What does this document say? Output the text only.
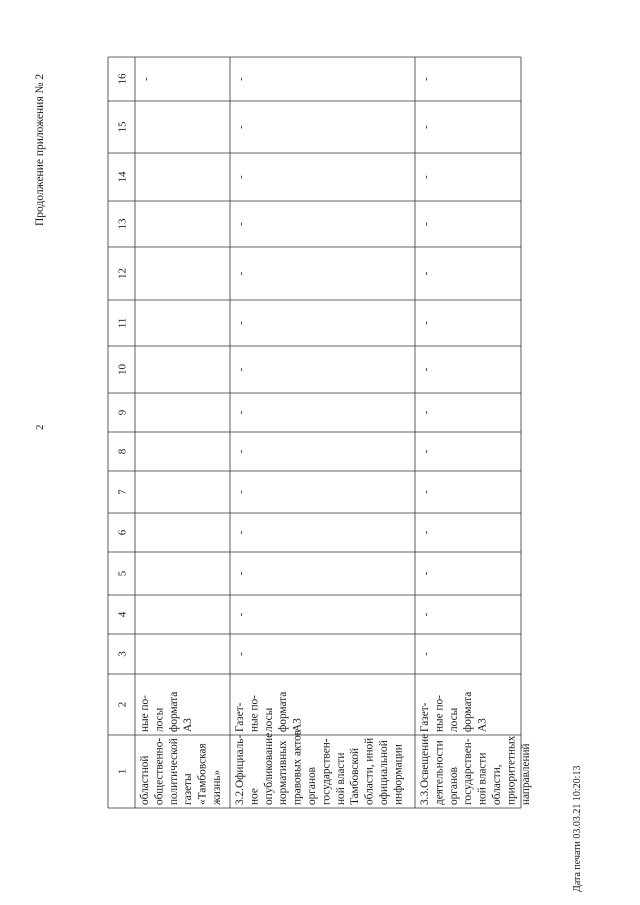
2
Продолжение приложения № 2
Дата печати 03.03.21 10:20:13
1
2
3
4
5
6
7
8
9
10
11
12
13
14
15
16
областной общественно- политической газеты «Тамбовская жизнь»
ные по- лосы формата А3
-
3.2.Официаль- ное опубликование нормативных правовых актов органов государствен- ной власти Тамбовской области, иной официальной информации
Газет- ные по- лосы формата А3
-
-
-
-
-
-
-
-
-
-
-
-
-
-
3.3.Освещение деятельности органов государствен- ной власти области, приоритетных направлений
Газет- ные по- лосы формата А3
-
-
-
-
-
-
-
-
-
-
-
-
-
-
